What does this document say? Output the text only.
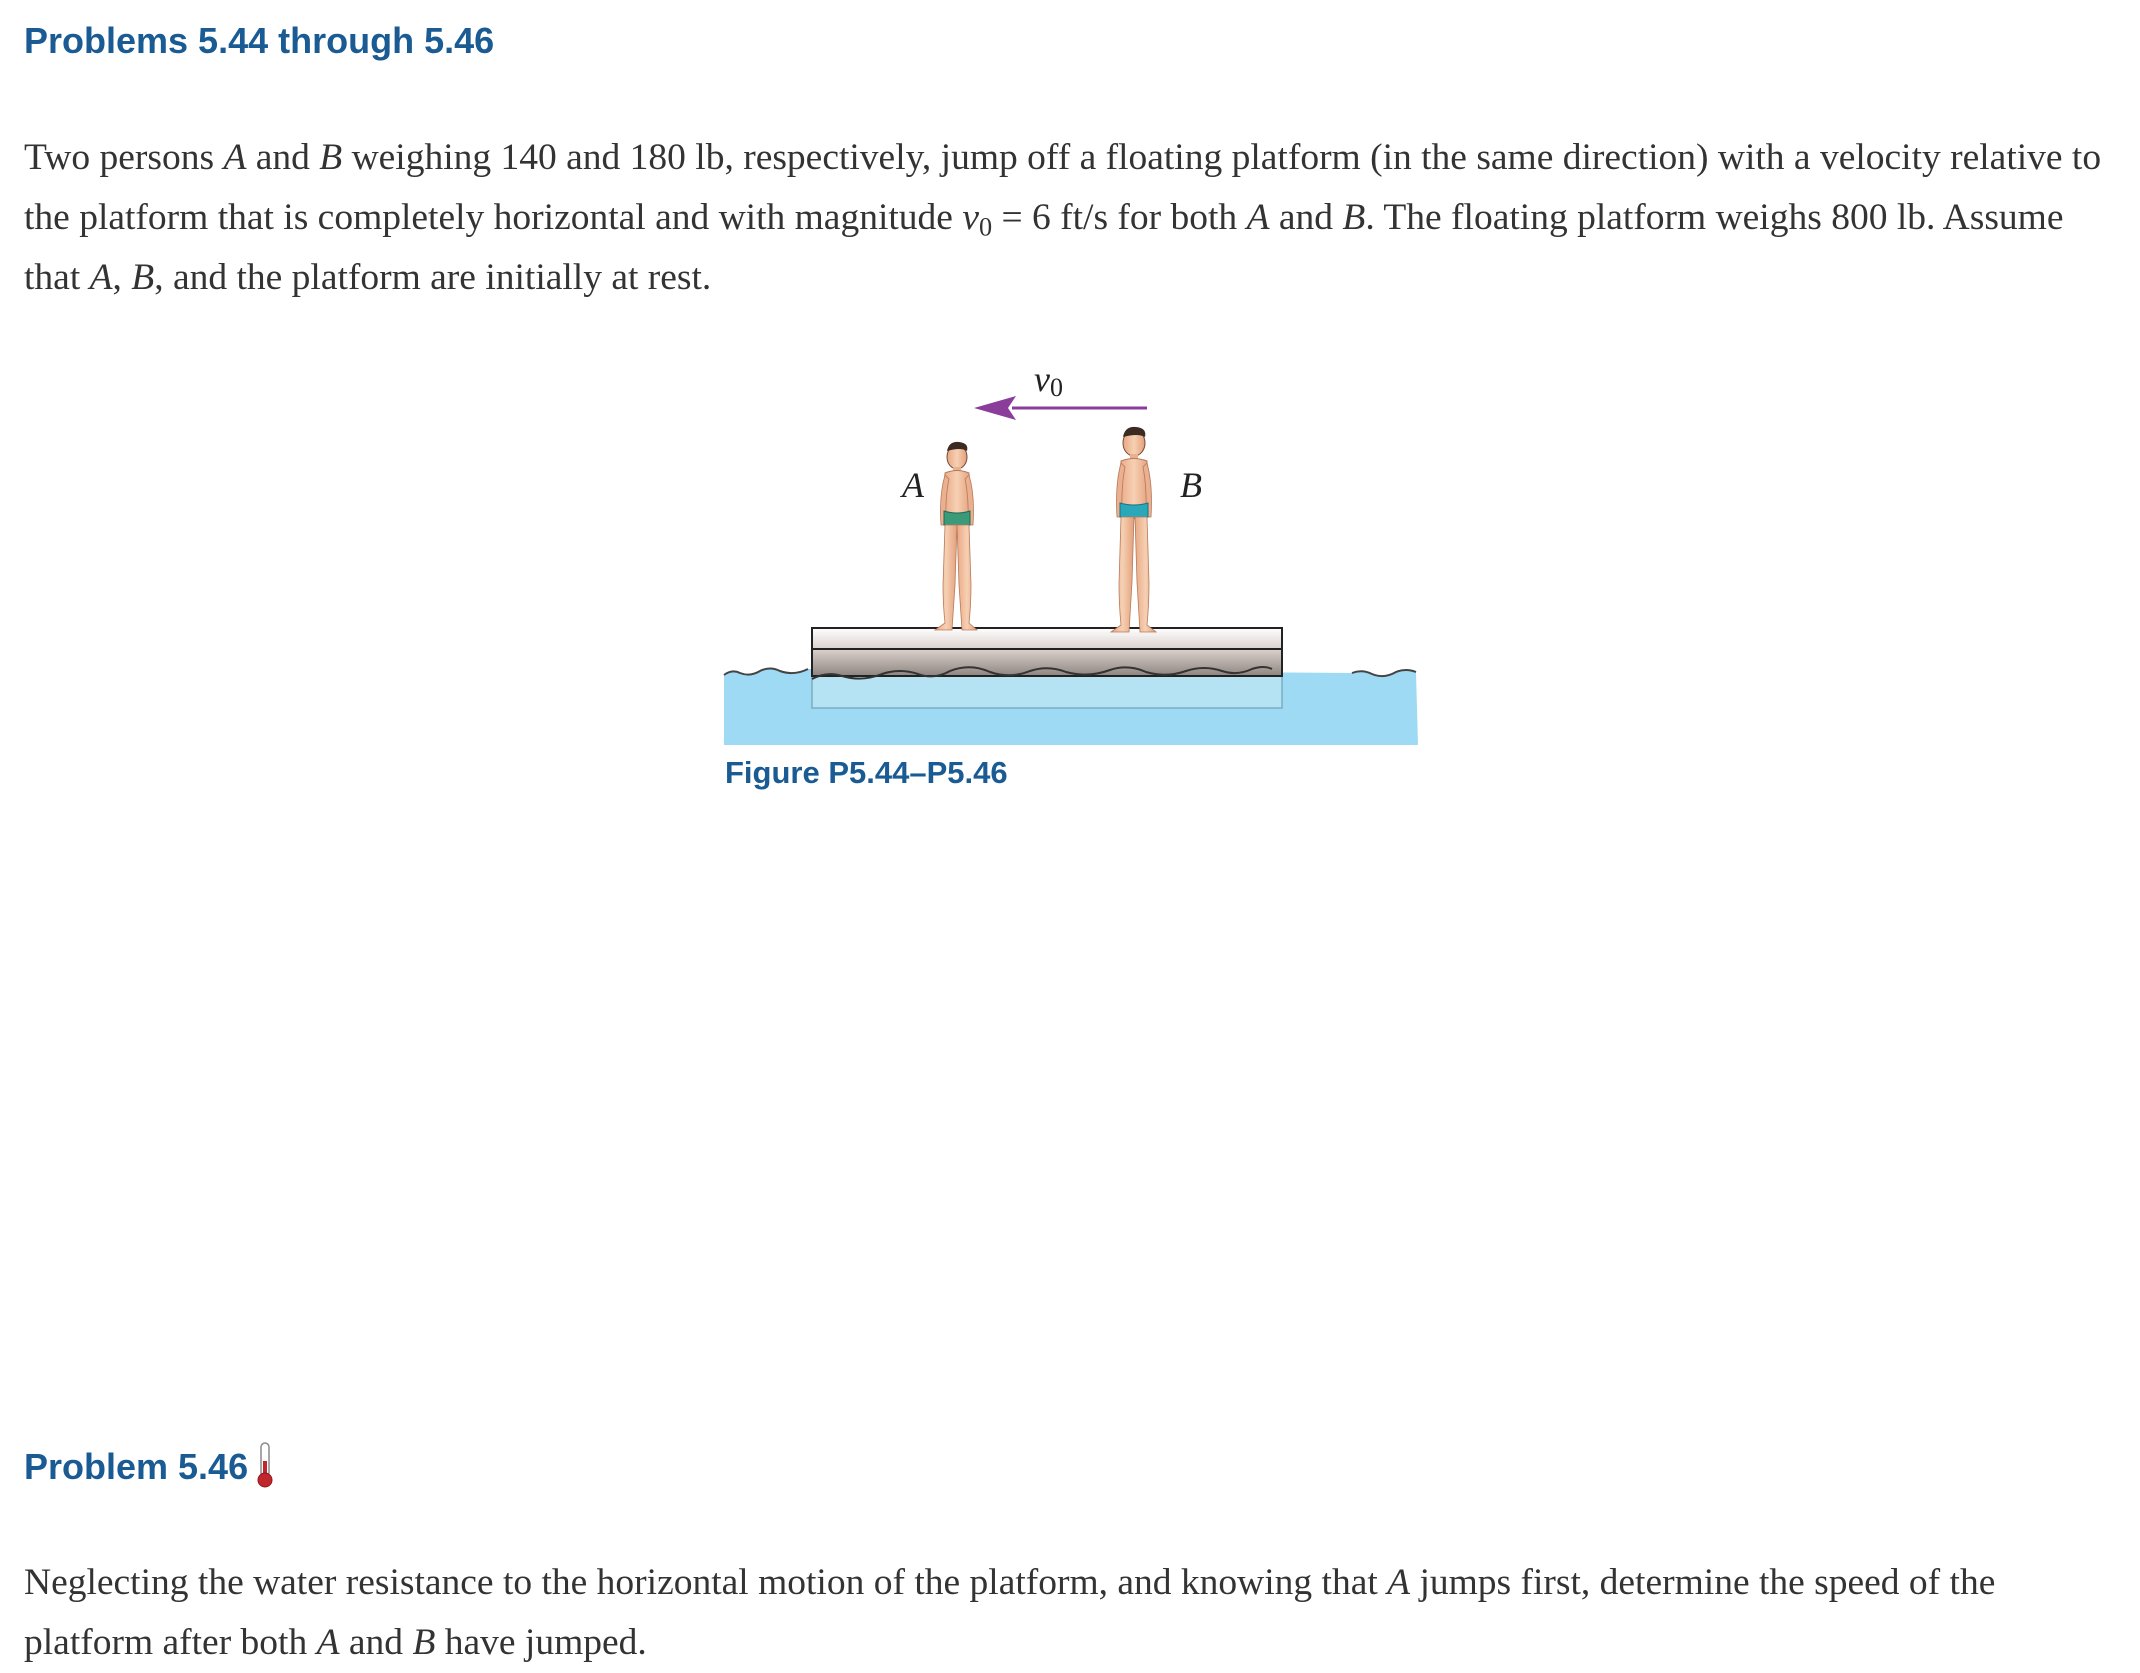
Problems 5.44 through 5.46

Two persons A and B weighing 140 and 180 lb, respectively, jump off a floating platform (in the same direction) with a velocity relative to the platform that is completely horizontal and with magnitude $v_0 = 6$ ft/s for both A and B. The floating platform weighs 800 lb. Assume that A, B, and the platform are initially at rest.

v0
A	B

Figure P5.44–P5.46

Problem 5.46

Neglecting the water resistance to the horizontal motion of the platform, and knowing that A jumps first, determine the speed of the platform after both A and B have jumped.
